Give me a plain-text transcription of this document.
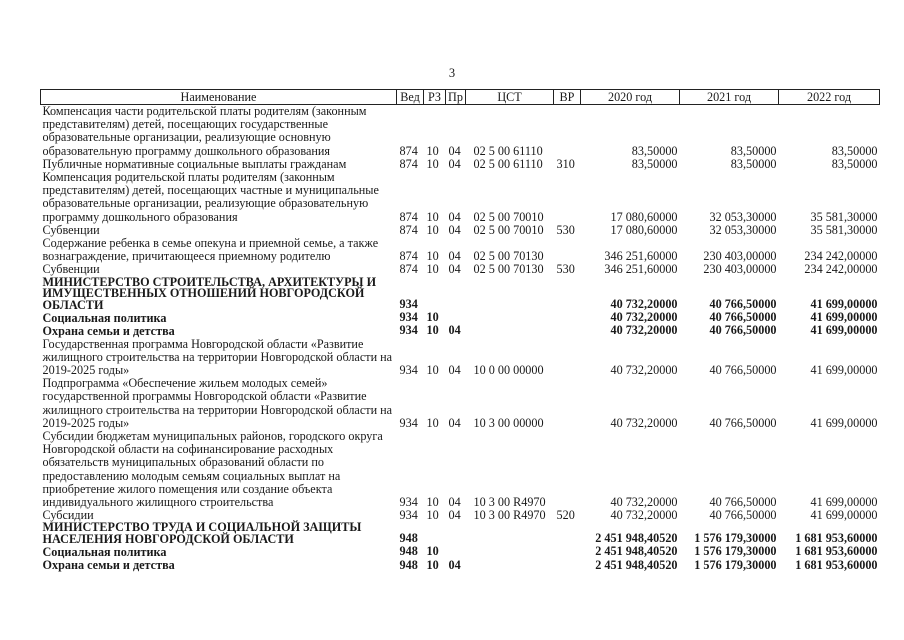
3
Наименование	Вед	РЗ	Пр	ЦСТ	ВР	2020 год	2021 год	2022 год
Компенсация части родительской платы родителям (законным представителям) детей, посещающих государственные образовательные организации, реализующие основную образовательную программу дошкольного образования	874	10	04	02 5 00 61110		83,50000	83,50000	83,50000
Публичные нормативные социальные выплаты гражданам	874	10	04	02 5 00 61110	310	83,50000	83,50000	83,50000
Компенсация родительской платы родителям (законным представителям) детей, посещающих частные и муниципальные образовательные организации, реализующие образовательную программу дошкольного образования	874	10	04	02 5 00 70010		17 080,60000	32 053,30000	35 581,30000
Субвенции	874	10	04	02 5 00 70010	530	17 080,60000	32 053,30000	35 581,30000
Содержание ребенка в семье опекуна и приемной семье, а также вознаграждение, причитающееся приемному родителю	874	10	04	02 5 00 70130		346 251,60000	230 403,00000	234 242,00000
Субвенции	874	10	04	02 5 00 70130	530	346 251,60000	230 403,00000	234 242,00000
МИНИСТЕРСТВО СТРОИТЕЛЬСТВА, АРХИТЕКТУРЫ И ИМУЩЕСТВЕННЫХ ОТНОШЕНИЙ НОВГОРОДСКОЙ ОБЛАСТИ	934					40 732,20000	40 766,50000	41 699,00000
Социальная политика	934	10				40 732,20000	40 766,50000	41 699,00000
Охрана семьи и детства	934	10	04			40 732,20000	40 766,50000	41 699,00000
Государственная программа Новгородской области «Развитие жилищного строительства на территории Новгородской области на 2019-2025 годы»	934	10	04	10 0 00 00000		40 732,20000	40 766,50000	41 699,00000
Подпрограмма «Обеспечение жильем молодых семей» государственной программы Новгородской области «Развитие жилищного строительства на территории Новгородской области на 2019-2025 годы»	934	10	04	10 3 00 00000		40 732,20000	40 766,50000	41 699,00000
Субсидии бюджетам муниципальных районов, городского округа Новгородской области на софинансирование расходных обязательств муниципальных образований области по предоставлению молодым семьям социальных выплат на приобретение жилого помещения или создание объекта индивидуального жилищного строительства	934	10	04	10 3 00 R4970		40 732,20000	40 766,50000	41 699,00000
Субсидии	934	10	04	10 3 00 R4970	520	40 732,20000	40 766,50000	41 699,00000
МИНИСТЕРСТВО ТРУДА И СОЦИАЛЬНОЙ ЗАЩИТЫ НАСЕЛЕНИЯ НОВГОРОДСКОЙ ОБЛАСТИ	948					2 451 948,40520	1 576 179,30000	1 681 953,60000
Социальная политика	948	10				2 451 948,40520	1 576 179,30000	1 681 953,60000
Охрана семьи и детства	948	10	04			2 451 948,40520	1 576 179,30000	1 681 953,60000
